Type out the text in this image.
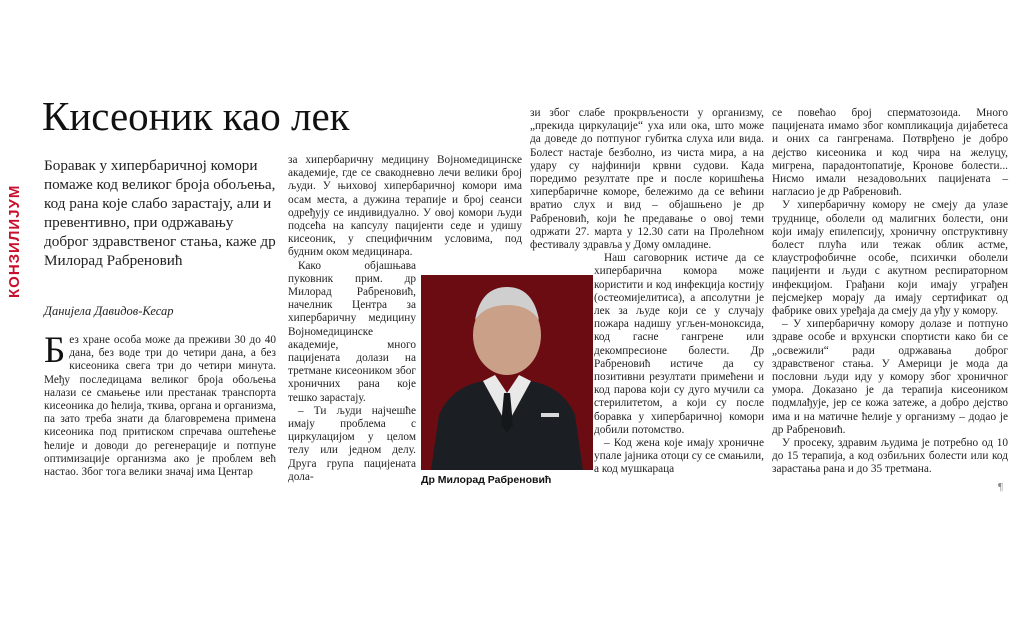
КОНЗИЛИЈУМ
Кисеоник као лек
Боравак у хипербаричној комори помаже код великог броја обољења, код рана које слабо зарастају, али и превентивно, при одржавању доброг здравственог стања, каже др Милорад Рабреновић
Данијела Давидов-Кесар

Без хране особа може да преживи 30 до 40 дана, без воде три до четири дана, а без кисеоника свега три до четири минута. Међу последицама великог броја обољења налази се смањење или престанак транспорта кисеоника до ћелија, ткива, органа и организма, па зато треба знати да благовремена примена кисеоника под притиском спречава оштећење ћелије и доводи до регенерације и потпуне оптимизације организма ако је проблем већ настао. Због тога велики значај има Центар

за хипербаричну медицину Војномедицинске академије, где се свакодневно лечи велики број људи. У њиховој хипербаричној комори има осам места, а дужина терапије и број сеанси одређују се индивидуално. У овој комори људи подсећа на капсулу пацијенти седе и удишу кисеоник, у специфичним условима, под будним оком медицинара.

Како објашњава пуковник прим. др Милорад Рабреновић, начелник Центра за хипербаричну медицину Војномедицинске академије, много пацијената долази на третмане кисеоником због хроничних рана које тешко зарастају.

– Ти људи најчешће имају проблема с циркулацијом у целом телу или једном делу. Друга група пацијената дола-

зи због слабе прокрвљености у организму, „прекида циркулације“ уха или ока, што може да доведе до потпуног губитка слуха или вида. Болест настаје безболно, из чиста мира, а на удару су најфинији крвни судови. Када поредимо резултате пре и после коришћења хипербаричне коморе, бележимо да се већини вратио слух и вид – објашњено је др Рабреновић, који ће предавање о овој теми одржати 27. марта у 12.30 сати на Пролећном фестивалу здравља у Дому омладине.

Наш саговорник истиче да се хипербарична комора може користити и код инфекција костију (остеомијелитиса), а апсолутни је лек за људе који се у случају пожара надишу угљен-моноксида, код гасне гангрене или декомпресионе болести. Др Рабреновић истиче да су позитивни резултати примећени и код парова који су дуго мучили са стерилитетом, а који су после боравка у хипербаричној комори добили потомство.

– Код жена које имају хроничне упале јајника отоци су се смањили, а код мушкараца

се повећао број сперматозоида. Много пацијената имамо због компликација дијабетеса и оних са гангренама. Потврђено је добро дејство кисеоника и код чира на желуцу, мигрена, парадонтопатије, Кронове болести... Нисмо имали незадовољних пацијената – нагласио је др Рабреновић.

У хипербаричну комору не смеју да улазе труднице, оболели од малигних болести, они који имају епилепсију, хроничну опструктивну болест плућа или тежак облик астме, клаустрофобичне особе, психички оболели пацијенти и људи с акутном респираторном инфекцијом. Грађани који имају уграђен пејсмејкер морају да имају сертификат од фабрике ових уређаја да смеју да уђу у комору.

– У хипербаричну комору долазе и потпуно здраве особе и врхунски спортисти како би се „освежили“ ради одржавања доброг здравственог стања. У Америци је мода да пословни људи иду у комору због хроничног умора. Доказано је да терапија кисеоником подмлађује, јер се кожа затеже, а добро дејство има и на матичне ћелије у организму – додао је др Рабреновић.

У просеку, здравим људима је потребно од 10 до 15 терапија, а код озбиљних болести или код зарастања рана и до 35 третмана.

Др Милорад Рабреновић
¶
